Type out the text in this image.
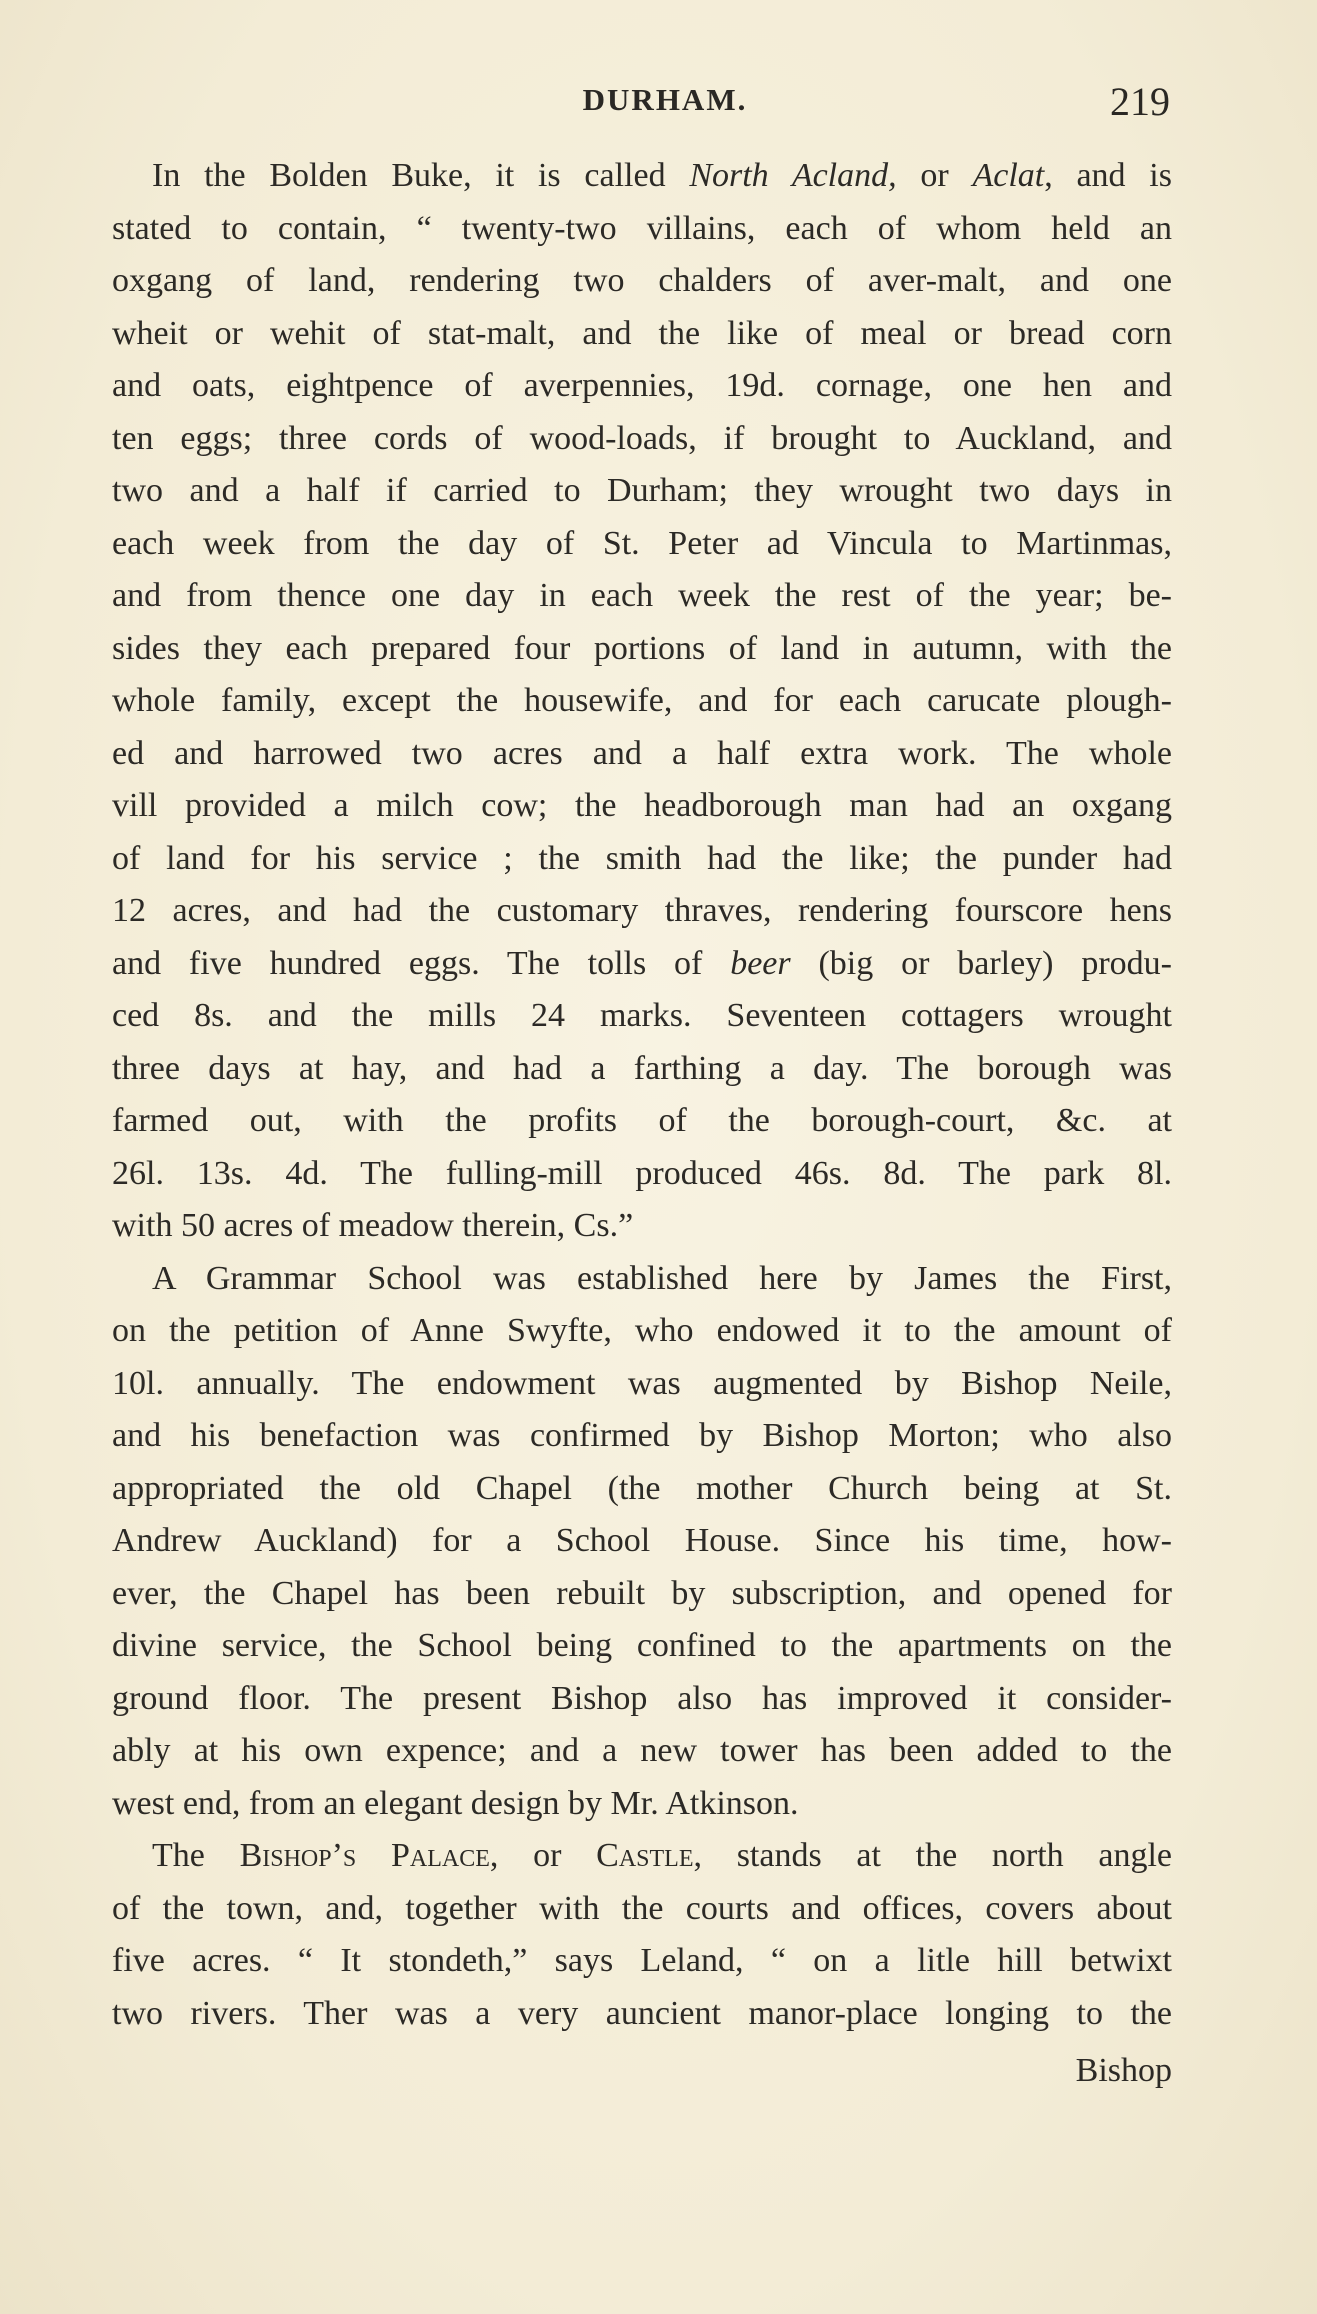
DURHAM.	219
In the Bolden Buke, it is called North Acland, or Aclat, and is
stated to contain, “ twenty-two villains, each of whom held an
oxgang of land, rendering two chalders of aver-malt, and one
wheit or wehit of stat-malt, and the like of meal or bread corn
and oats, eightpence of averpennies, 19d. cornage, one hen and
ten eggs; three cords of wood-loads, if brought to Auckland, and
two and a half if carried to Durham; they wrought two days in
each week from the day of St. Peter ad Vincula to Martinmas,
and from thence one day in each week the rest of the year; be-
sides they each prepared four portions of land in autumn, with the
whole family, except the housewife, and for each carucate plough-
ed and harrowed two acres and a half extra work. The whole
vill provided a milch cow; the headborough man had an oxgang
of land for his service ; the smith had the like; the punder had
12 acres, and had the customary thraves, rendering fourscore hens
and five hundred eggs. The tolls of beer (big or barley) produ-
ced 8s. and the mills 24 marks. Seventeen cottagers wrought
three days at hay, and had a farthing a day. The borough was
farmed out, with the profits of the borough-court, &c. at
26l. 13s. 4d. The fulling-mill produced 46s. 8d. The park 8l.
with 50 acres of meadow therein, Cs.”
A Grammar School was established here by James the First,
on the petition of Anne Swyfte, who endowed it to the amount of
10l. annually. The endowment was augmented by Bishop Neile,
and his benefaction was confirmed by Bishop Morton; who also
appropriated the old Chapel (the mother Church being at St.
Andrew Auckland) for a School House. Since his time, how-
ever, the Chapel has been rebuilt by subscription, and opened for
divine service, the School being confined to the apartments on the
ground floor. The present Bishop also has improved it consider-
ably at his own expence; and a new tower has been added to the
west end, from an elegant design by Mr. Atkinson.
The Bishop’s Palace, or Castle, stands at the north angle
of the town, and, together with the courts and offices, covers about
five acres. “ It stondeth,” says Leland, “ on a litle hill betwixt
two rivers. Ther was a very auncient manor-place longing to the
Bishop
